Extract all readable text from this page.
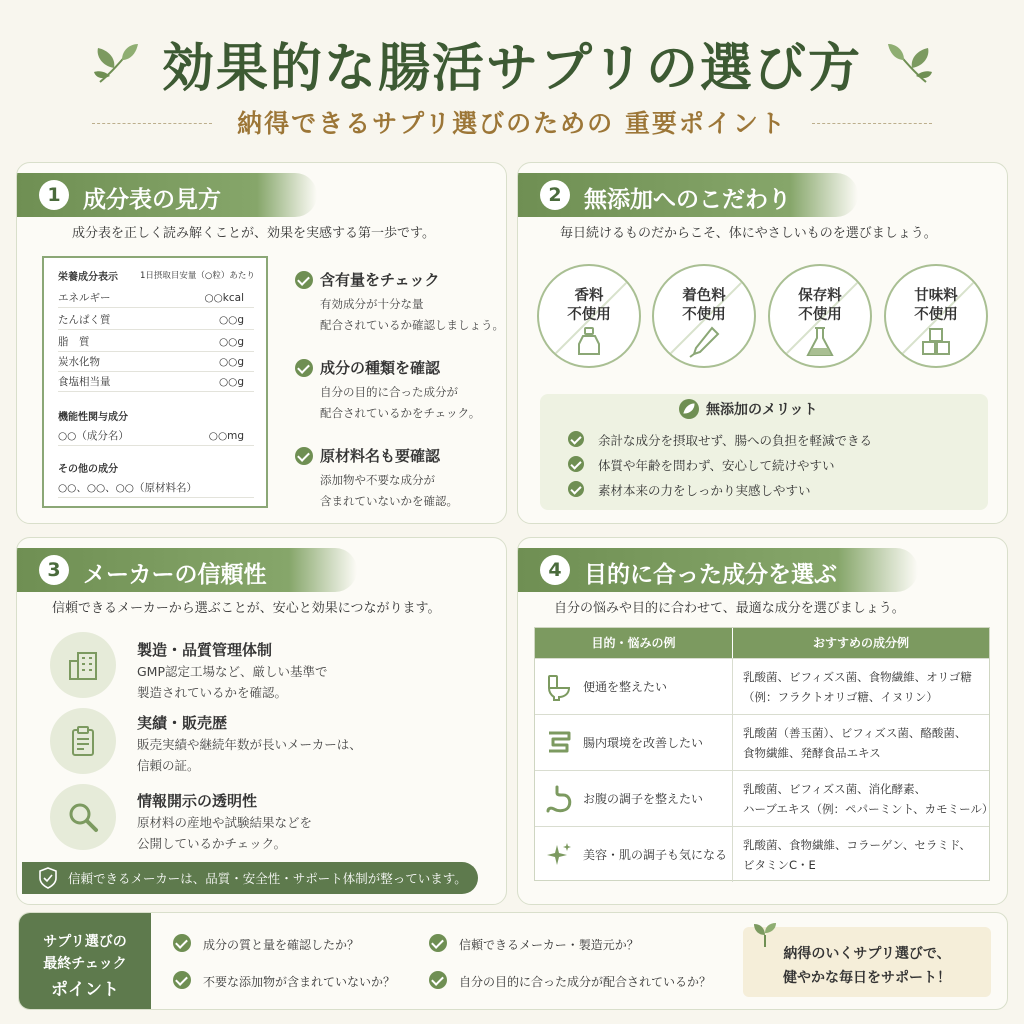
効果的な腸活サプリの選び方
納得できるサプリ選びのための 重要ポイント
1 成分表の見方
成分表を正しく読み解くことが、効果を実感する第一歩です。
栄養成分表示	1日摂取目安量（○粒）あたり
エネルギー	○○kcal
たんぱく質	○○g
脂　質	○○g
炭水化物	○○g
食塩相当量	○○g
機能性関与成分
○○（成分名）	○○mg
その他の成分
○○、○○、○○（原材料名）
含有量をチェック
有効成分が十分な量
配合されているか確認しましょう。
成分の種類を確認
自分の目的に合った成分が
配合されているかをチェック。
原材料名も要確認
添加物や不要な成分が
含まれていないかを確認。
2 無添加へのこだわり
毎日続けるものだからこそ、体にやさしいものを選びましょう。
香料
不使用
着色料
不使用
保存料
不使用
甘味料
不使用
無添加のメリット
余計な成分を摂取せず、腸への負担を軽減できる
体質や年齢を問わず、安心して続けやすい
素材本来の力をしっかり実感しやすい
3 メーカーの信頼性
信頼できるメーカーから選ぶことが、安心と効果につながります。
製造・品質管理体制
GMP認定工場など、厳しい基準で
製造されているかを確認。
実績・販売歴
販売実績や継続年数が長いメーカーは、
信頼の証。
情報開示の透明性
原材料の産地や試験結果などを
公開しているかチェック。
信頼できるメーカーは、品質・安全性・サポート体制が整っています。
4 目的に合った成分を選ぶ
自分の悩みや目的に合わせて、最適な成分を選びましょう。
目的・悩みの例	おすすめの成分例
便通を整えたい
乳酸菌、ビフィズス菌、食物繊維、オリゴ糖
（例：フラクトオリゴ糖、イヌリン）
腸内環境を改善したい
乳酸菌（善玉菌）、ビフィズス菌、酪酸菌、
食物繊維、発酵食品エキス
お腹の調子を整えたい
乳酸菌、ビフィズス菌、消化酵素、
ハーブエキス（例：ペパーミント、カモミール）
美容・肌の調子も気になる
乳酸菌、食物繊維、コラーゲン、セラミド、
ビタミンC・E
サプリ選びの
最終チェック
ポイント
成分の質と量を確認したか？	信頼できるメーカー・製造元か？
不要な添加物が含まれていないか？	自分の目的に合った成分が配合されているか？
納得のいくサプリ選びで、
健やかな毎日をサポート！
